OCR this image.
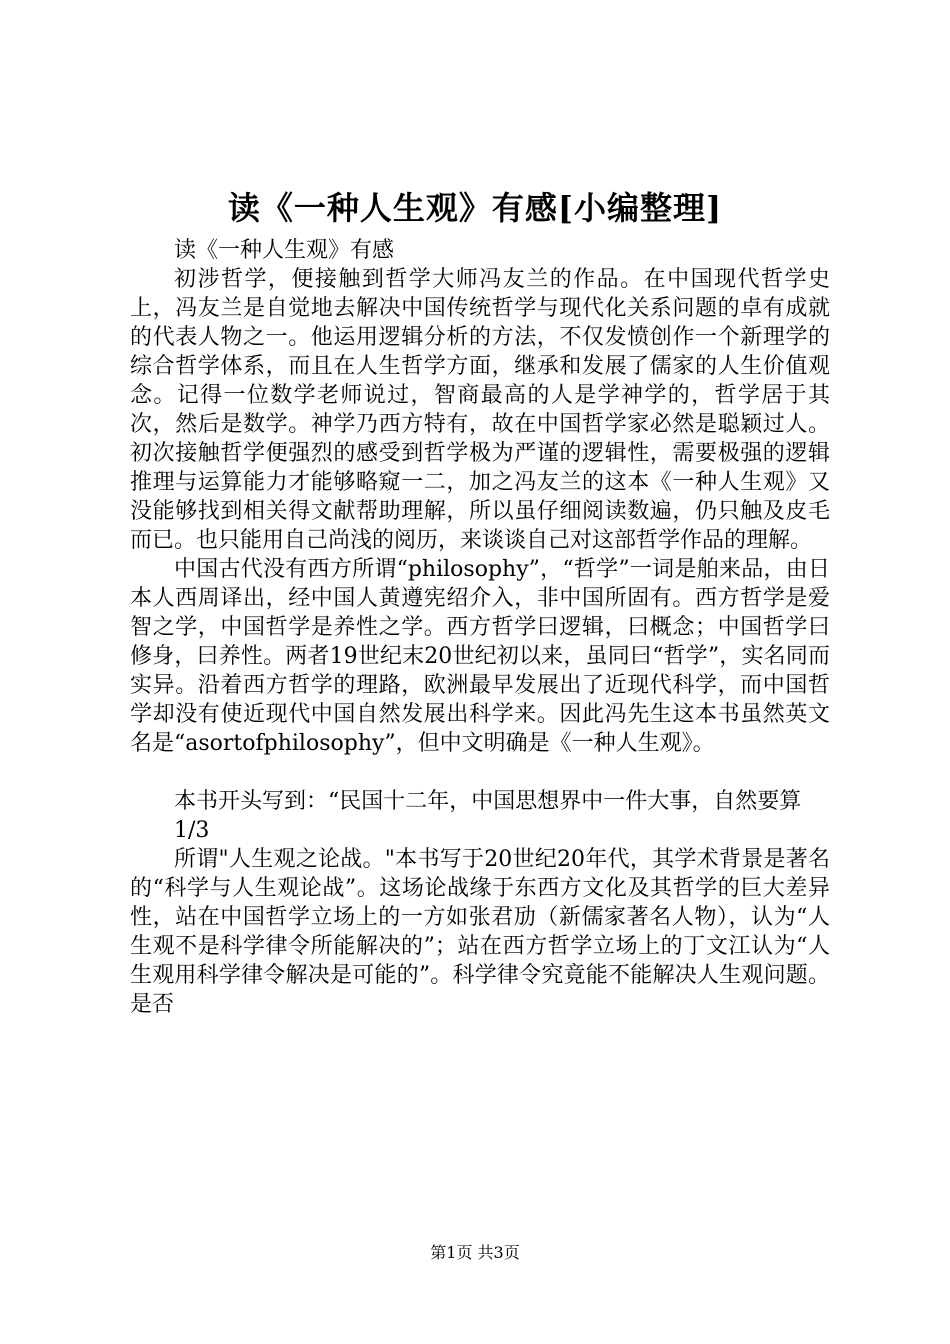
读《一种人生观》有感[小编整理]

读《一种人生观》有感

初涉哲学，便接触到哲学大师冯友兰的作品。在中国现代哲学史上，冯友兰是自觉地去解决中国传统哲学与现代化关系问题的卓有成就的代表人物之一。他运用逻辑分析的方法，不仅发愤创作一个新理学的综合哲学体系，而且在人生哲学方面，继承和发展了儒家的人生价值观念。记得一位数学老师说过，智商最高的人是学神学的，哲学居于其次，然后是数学。神学乃西方特有，故在中国哲学家必然是聪颖过人。初次接触哲学便强烈的感受到哲学极为严谨的逻辑性，需要极强的逻辑推理与运算能力才能够略窥一二，加之冯友兰的这本《一种人生观》又没能够找到相关得文献帮助理解，所以虽仔细阅读数遍，仍只触及皮毛而已。也只能用自己尚浅的阅历，来谈谈自己对这部哲学作品的理解。

中国古代没有西方所谓“philosophy”，“哲学”一词是舶来品，由日本人西周译出，经中国人黄遵宪绍介入，非中国所固有。西方哲学是爱智之学，中国哲学是养性之学。西方哲学曰逻辑，曰概念；中国哲学曰修身，曰养性。两者19世纪末20世纪初以来，虽同曰“哲学”，实名同而实异。沿着西方哲学的理路，欧洲最早发展出了近现代科学，而中国哲学却没有使近现代中国自然发展出科学来。因此冯先生这本书虽然英文名是“asortofphilosophy”，但中文明确是《一种人生观》。

本书开头写到：“民国十二年，中国思想界中一件大事，自然要算

1/3

所谓"人生观之论战。"本书写于20世纪20年代，其学术背景是著名的“科学与人生观论战”。这场论战缘于东西方文化及其哲学的巨大差异性，站在中国哲学立场上的一方如张君劢（新儒家著名人物），认为“人生观不是科学律令所能解决的”；站在西方哲学立场上的丁文江认为“人生观用科学律令解决是可能的”。科学律令究竟能不能解决人生观问题。是否

第1页 共3页
